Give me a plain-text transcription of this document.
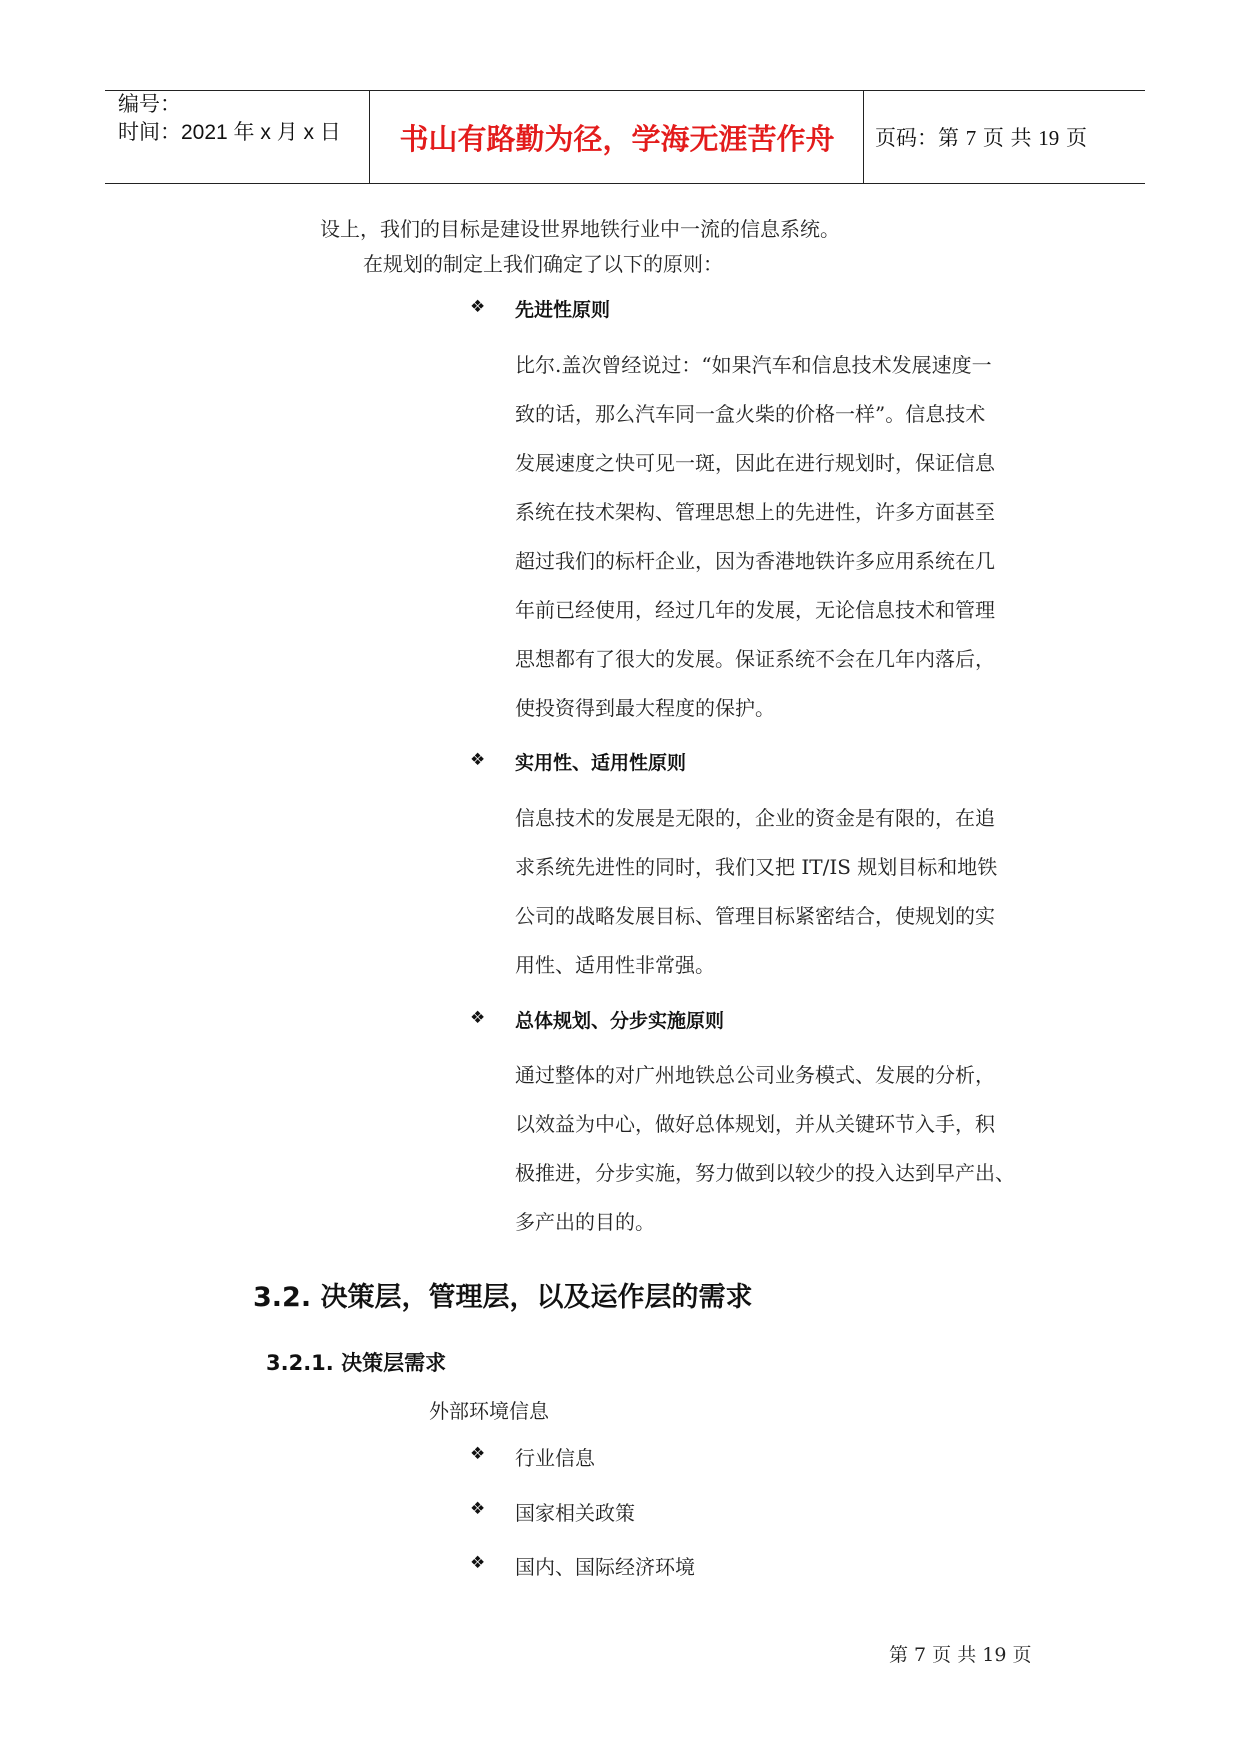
编号：
时间：2021 年 x 月 x 日	书山有路勤为径，学海无涯苦作舟	页码：第 7 页 共 19 页
设上，我们的目标是建设世界地铁行业中一流的信息系统。
在规划的制定上我们确定了以下的原则：
❖ 先进性原则
比尔.盖次曾经说过：“如果汽车和信息技术发展速度一
致的话，那么汽车同一盒火柴的价格一样”。信息技术
发展速度之快可见一斑，因此在进行规划时，保证信息
系统在技术架构、管理思想上的先进性，许多方面甚至
超过我们的标杆企业，因为香港地铁许多应用系统在几
年前已经使用，经过几年的发展，无论信息技术和管理
思想都有了很大的发展。保证系统不会在几年内落后，
使投资得到最大程度的保护。
❖ 实用性、适用性原则
信息技术的发展是无限的，企业的资金是有限的，在追
求系统先进性的同时，我们又把 IT/IS 规划目标和地铁
公司的战略发展目标、管理目标紧密结合，使规划的实
用性、适用性非常强。
❖ 总体规划、分步实施原则
通过整体的对广州地铁总公司业务模式、发展的分析，
以效益为中心，做好总体规划，并从关键环节入手，积
极推进，分步实施，努力做到以较少的投入达到早产出、
多产出的目的。
3.2. 决策层，管理层，以及运作层的需求
3.2.1. 决策层需求
外部环境信息
❖ 行业信息
❖ 国家相关政策
❖ 国内、国际经济环境
第 7 页 共 19 页
